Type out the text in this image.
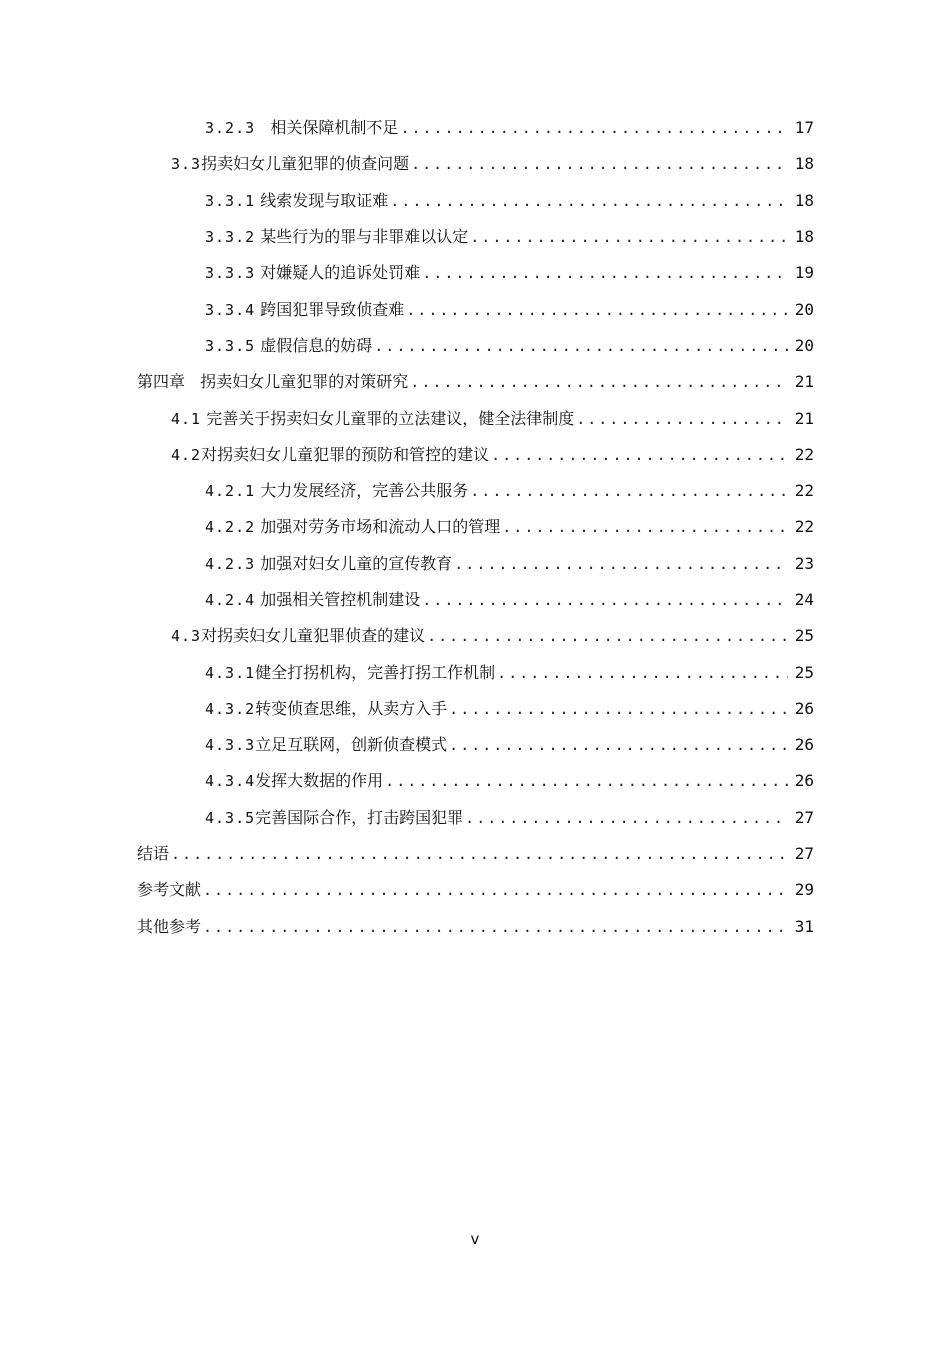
3.2.3 相关保障机制不足 .....	17
3.3拐卖妇女儿童犯罪的侦查问题 .....	18
3.3.1 线索发现与取证难 .....	18
3.3.2 某些行为的罪与非罪难以认定 .....	18
3.3.3 对嫌疑人的追诉处罚难 .....	19
3.3.4 跨国犯罪导致侦查难 .....	20
3.3.5 虚假信息的妨碍 .....	20
第四章 拐卖妇女儿童犯罪的对策研究 .....	21
4.1 完善关于拐卖妇女儿童罪的立法建议，健全法律制度 .....	21
4.2对拐卖妇女儿童犯罪的预防和管控的建议 .....	22
4.2.1 大力发展经济，完善公共服务 .....	22
4.2.2 加强对劳务市场和流动人口的管理 .....	22
4.2.3 加强对妇女儿童的宣传教育 .....	23
4.2.4 加强相关管控机制建设 .....	24
4.3对拐卖妇女儿童犯罪侦查的建议 .....	25
4.3.1健全打拐机构，完善打拐工作机制 .....	25
4.3.2转变侦查思维，从卖方入手 .....	26
4.3.3立足互联网，创新侦查模式 .....	26
4.3.4发挥大数据的作用 .....	26
4.3.5完善国际合作，打击跨国犯罪 .....	27
结语 .....	27
参考文献 .....	29
其他参考 .....	31
v
